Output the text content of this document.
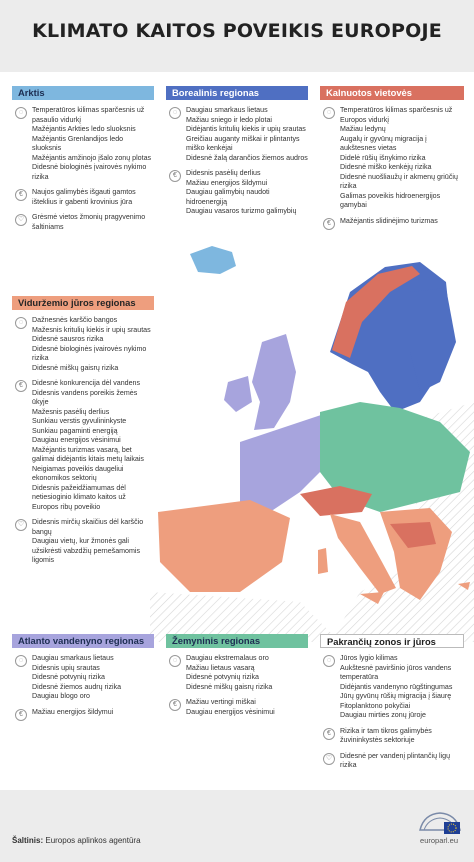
KLIMATO KAITOS POVEIKIS EUROPOJE
Arktis
◌	Temperatūros kilimas sparčesnis už pasaulio vidurkį
Mažėjantis Arkties ledo sluoksnis
Mažėjantis Grenlandijos ledo sluoksnis
Mažėjantis amžinojo įšalo zonų plotas
Didesnė biologinės įvairovės nykimo rizika
€	Naujos galimybės išgauti gamtos išteklius ir gabenti krovinius jūra
♡	Grėsmė vietos žmonių pragyvenimo šaltiniams
Borealinis regionas
◌	Daugiau smarkaus lietaus
Mažiau sniego ir ledo plotai
Didėjantis kritulių kiekis ir upių srautas
Greičiau auganty miškai ir plintantys miško kenkėjai
Didesnė žalą darančios žiemos audros
€	Didesnis pasėlių derlius
Mažiau energijos šildymui
Daugiau galimybių naudoti hidroenergiją
Daugiau vasaros turizmo galimybių
Kalnuotos vietovės
◌	Temperatūros kilimas sparčesnis už Europos vidurkį
Mažiau ledynų
Augalų ir gyvūnų migracija į aukštesnes vietas
Didelė rūšių išnykimo rizika
Didesnė miško kenkėjų rizika
Didesnė nuošliaužų ir akmenų griūčių rizika
Galimas poveikis hidroenergijos gamybai
€	Mažėjantis slidinėjimo turizmas
Viduržemio jūros regionas
◌	Dažnesnės karščio bangos
Mažesnis kritulių kiekis ir upių srautas
Didesnė sausros rizika
Didesnė biologinės įvairovės nykimo rizika
Didesnė miškų gaisrų rizika
€	Didesnė konkurencija dėl vandens
Didesnis vandens poreikis žemės ūkyje
Mažesnis pasėlių derlius
Sunkiau verstis gyvulininkyste
Sunkiau pagaminti energiją
Daugiau energijos vėsinimui
Mažėjantis turizmas vasarą, bet galimai didėjantis kitais metų laikais
Neigiamas poveikis daugeliui ekonomikos sektorių
Didesnis pažeidžiamumas dėl netiesioginio klimato kaitos už Europos ribų poveikio
♡	Didesnis mirčių skaičius dėl karščio bangų
Daugiau vietų, kur žmonės gali užsikrėsti vabzdžių pernešamomis ligomis
Atlanto vandenyno regionas
◌	Daugiau smarkaus lietaus
Didesnis upių srautas
Didesnė potvynių rizika
Didesnė žiemos audrų rizika
Daugiau blogo oro
€	Mažiau energijos šildymui
Žemyninis regionas
◌	Daugiau ekstremalaus oro
Mažiau lietaus vasarą
Didesnė potvynių rizika
Didesnė miškų gaisrų rizika
€	Mažiau vertingi miškai
Daugiau energijos vėsinimui
Pakrančių zonos ir jūros
◌	Jūros lygio kilimas
Aukštesnė paviršinio jūros vandens temperatūra
Didėjantis vandenyno rūgštingumas
Jūrų gyvūnų rūšių migracija į šiaurę
Fitoplanktono pokyčiai
Daugiau mirties zonų jūroje
€	Rizika ir tam tikros galimybės žuvininkystės sektoriuje
♡	Didesnė per vandenį plintančių ligų rizika
Šaltinis: Europos aplinkos agentūra	europarl.eu
